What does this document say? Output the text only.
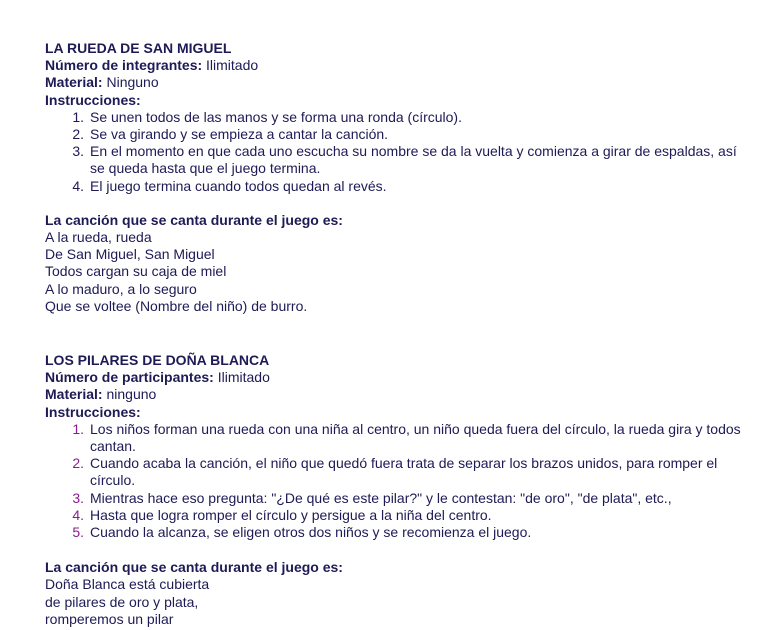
LA RUEDA DE SAN MIGUEL

Número de integrantes: Ilimitado

Material: Ninguno

Instrucciones:

1. Se unen todos de las manos y se forma una ronda (círculo).
2. Se va girando y se empieza a cantar la canción.
3. En el momento en que cada uno escucha su nombre se da la vuelta y comienza a girar de espaldas, así se queda hasta que el juego termina.
4. El juego termina cuando todos quedan al revés.

La canción que se canta durante el juego es:

A la rueda, rueda

De San Miguel, San Miguel

Todos cargan su caja de miel

A lo maduro, a lo seguro

Que se voltee (Nombre del niño) de burro.

LOS PILARES DE DOÑA BLANCA

Número de participantes: Ilimitado

Material: ninguno

Instrucciones:

1. Los niños forman una rueda con una niña al centro, un niño queda fuera del círculo, la rueda gira y todos cantan.
2. Cuando acaba la canción, el niño que quedó fuera trata de separar los brazos unidos, para romper el círculo.
3. Mientras hace eso pregunta: "¿De qué es este pilar?" y le contestan: "de oro", "de plata", etc.,
4. Hasta que logra romper el círculo y persigue a la niña del centro.
5. Cuando la alcanza, se eligen otros dos niños y se recomienza el juego.

La canción que se canta durante el juego es:

Doña Blanca está cubierta

de pilares de oro y plata,

romperemos un pilar
